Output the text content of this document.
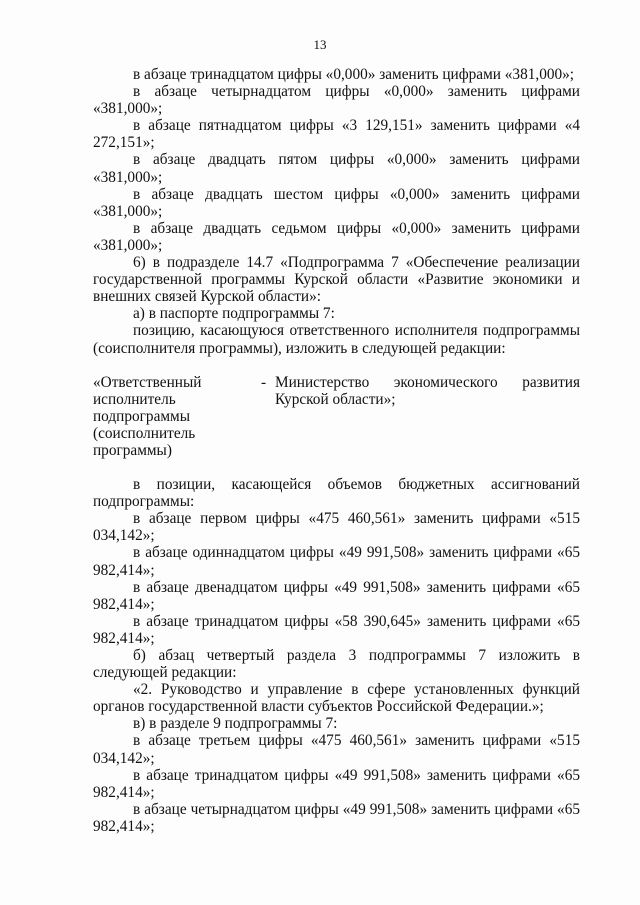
13

в абзаце тринадцатом цифры «0,000» заменить цифрами «381,000»;

в абзаце четырнадцатом цифры «0,000» заменить цифрами «381,000»;

в абзаце пятнадцатом цифры «3 129,151» заменить цифрами «4 272,151»;

в абзаце двадцать пятом цифры «0,000» заменить цифрами «381,000»;

в абзаце двадцать шестом цифры «0,000» заменить цифрами «381,000»;

в абзаце двадцать седьмом цифры «0,000» заменить цифрами «381,000»;

6) в подразделе 14.7 «Подпрограмма 7 «Обеспечение реализации государственной программы Курской области «Развитие экономики и внешних связей Курской области»:

а) в паспорте подпрограммы 7:

позицию, касающуюся ответственного исполнителя подпрограммы (соисполнителя программы), изложить в следующей редакции:

«Ответственный
исполнитель
подпрограммы
(соисполнитель
программы)
- Министерство экономического развития Курской области»;

в позиции, касающейся объемов бюджетных ассигнований подпрограммы:

в абзаце первом цифры «475 460,561» заменить цифрами «515 034,142»;

в абзаце одиннадцатом цифры «49 991,508» заменить цифрами «65 982,414»;

в абзаце двенадцатом цифры «49 991,508» заменить цифрами «65 982,414»;

в абзаце тринадцатом цифры «58 390,645» заменить цифрами «65 982,414»;

б) абзац четвертый раздела 3 подпрограммы 7 изложить в следующей редакции:

«2. Руководство и управление в сфере установленных функций органов государственной власти субъектов Российской Федерации.»;

в) в разделе 9 подпрограммы 7:

в абзаце третьем цифры «475 460,561» заменить цифрами «515 034,142»;

в абзаце тринадцатом цифры «49 991,508» заменить цифрами «65 982,414»;

в абзаце четырнадцатом цифры «49 991,508» заменить цифрами «65 982,414»;
